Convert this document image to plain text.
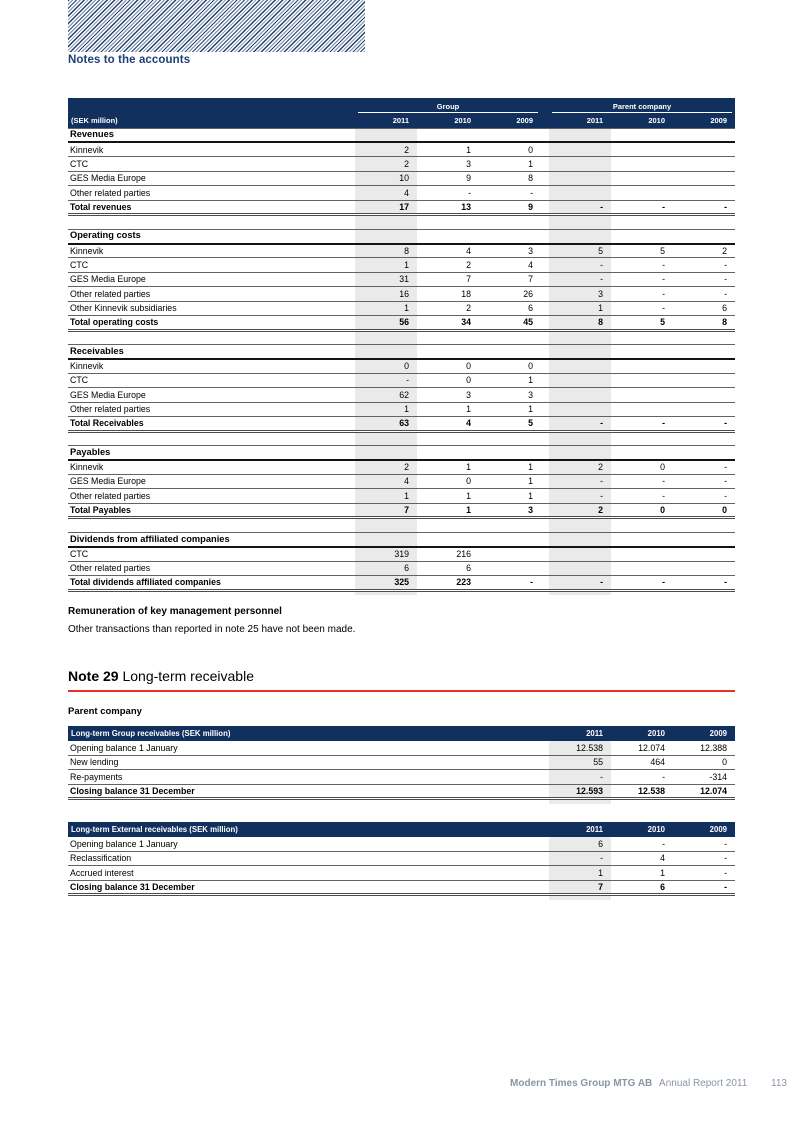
Notes to the accounts

	Group				Parent company		

(SEK million)	2011	2010	2009		2011	2010	2009
Revenues							
Kinnevik	2	1	0				
CTC	2	3	1				
GES Media Europe	10	9	8				
Other related parties	4	-	-				
Total revenues	17	13	9		-	-	-

Operating costs							
Kinnevik	8	4	3		5	5	2
CTC	1	2	4		-	-	-
GES Media Europe	31	7	7		-	-	-
Other related parties	16	18	26		3	-	-
Other Kinnevik subsidiaries	1	2	6		1	-	6
Total operating costs	56	34	45		8	5	8

Receivables							
Kinnevik	0	0	0				
CTC	-	0	1				
GES Media Europe	62	3	3				
Other related parties	1	1	1				
Total Receivables	63	4	5		-	-	-

Payables							
Kinnevik	2	1	1		2	0	-
GES Media Europe	4	0	1		-	-	-
Other related parties	1	1	1		-	-	-
Total Payables	7	1	3		2	0	0

Dividends from affiliated companies							
CTC	319	216					
Other related parties	6	6					
Total dividends affiliated companies	325	223	-		-	-	-

Remuneration of key management personnel
Other transactions than reported in note 25 have not been made.
Note 29 Long-term receivable
Parent company
Long-term Group receivables (SEK million)	2011	2010	2009
Opening balance 1 January	12.538	12.074	12.388
New lending	55	464	0
Re-payments	-	-	-314
Closing balance 31 December	12.593	12.538	12.074

Long-term External receivables (SEK million)	2011	2010	2009
Opening balance 1 January	6	-	-
Reclassification	-	4	-
Accrued interest	1	1	-
Closing balance 31 December	7	6	-

Modern Times Group MTG AB Annual Report 2011 113
